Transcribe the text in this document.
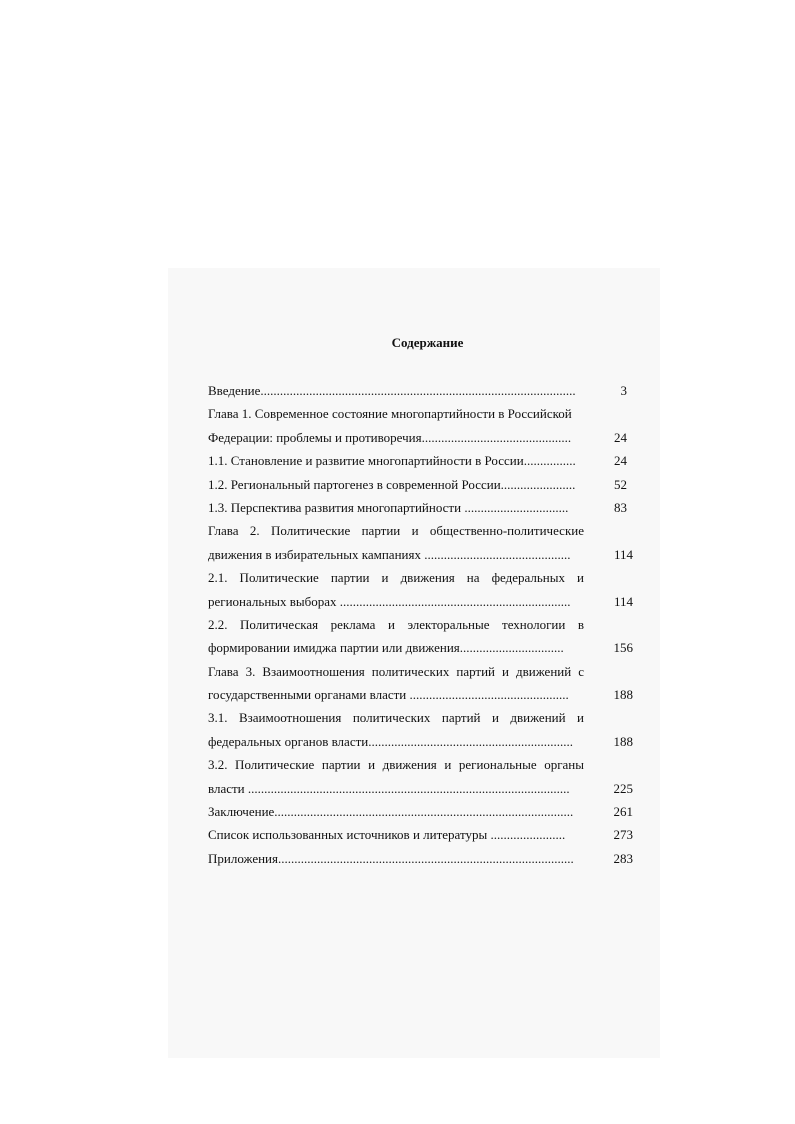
Содержание
Введение.................................................................................................	3
Глава 1. Современное состояние многопартийности в Российской
Федерации: проблемы и противоречия..............................................	24
1.1. Становление и развитие многопартийности в России................	24
1.2. Региональный партогенез в современной России.......................	52
1.3. Перспектива развития многопартийности ................................	83
Глава 2. Политические партии и общественно-политические
движения в избирательных кампаниях .............................................	114
2.1. Политические партии и движения на федеральных и
региональных выборах .......................................................................	114
2.2. Политическая реклама и электоральные технологии в
формировании имиджа партии или движения................................	156
Глава 3. Взаимоотношения политических партий и движений с
государственными органами власти .................................................	188
3.1. Взаимоотношения политических партий и движений и
федеральных органов власти...............................................................	188
3.2. Политические партии и движения и региональные органы
власти ...................................................................................................	225
Заключение............................................................................................	261
Список использованных источников и литературы .......................	273
Приложения...........................................................................................	283
